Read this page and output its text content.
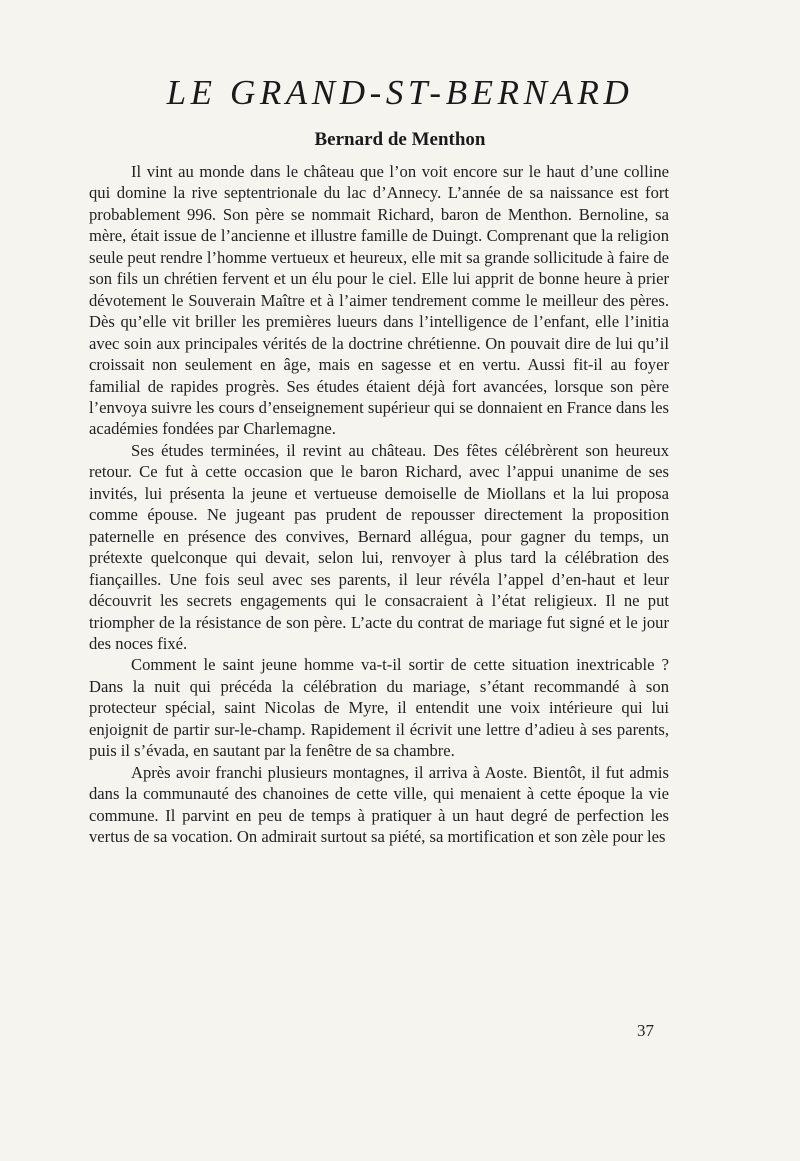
LE GRAND-ST-BERNARD
Bernard de Menthon

Il vint au monde dans le château que l’on voit encore sur le haut d’une colline qui domine la rive septentrionale du lac d’Annecy. L’année de sa naissance est fort probablement 996. Son père se nommait Richard, baron de Menthon. Bernoline, sa mère, était issue de l’ancienne et illustre famille de Duingt. Comprenant que la religion seule peut rendre l’homme vertueux et heureux, elle mit sa grande sollicitude à faire de son fils un chrétien fervent et un élu pour le ciel. Elle lui apprit de bonne heure à prier dévotement le Souverain Maître et à l’aimer tendrement comme le meilleur des pères. Dès qu’elle vit briller les premières lueurs dans l’intelligence de l’enfant, elle l’initia avec soin aux principales vérités de la doctrine chrétienne. On pouvait dire de lui qu’il croissait non seulement en âge, mais en sagesse et en vertu. Aussi fit-il au foyer familial de rapides progrès. Ses études étaient déjà fort avancées, lorsque son père l’envoya suivre les cours d’enseignement supérieur qui se donnaient en France dans les académies fondées par Charlemagne.

Ses études terminées, il revint au château. Des fêtes célébrèrent son heureux retour. Ce fut à cette occasion que le baron Richard, avec l’appui unanime de ses invités, lui présenta la jeune et vertueuse demoiselle de Miollans et la lui proposa comme épouse. Ne jugeant pas prudent de repousser directement la proposition paternelle en présence des convives, Bernard allégua, pour gagner du temps, un prétexte quelconque qui devait, selon lui, renvoyer à plus tard la célébration des fiançailles. Une fois seul avec ses parents, il leur révéla l’appel d’en-haut et leur découvrit les secrets engagements qui le consacraient à l’état religieux. Il ne put triompher de la résistance de son père. L’acte du contrat de mariage fut signé et le jour des noces fixé.

Comment le saint jeune homme va-t-il sortir de cette situation inextricable ? Dans la nuit qui précéda la célébration du mariage, s’étant recommandé à son protecteur spécial, saint Nicolas de Myre, il entendit une voix intérieure qui lui enjoignit de partir sur-le-champ. Rapidement il écrivit une lettre d’adieu à ses parents, puis il s’évada, en sautant par la fenêtre de sa chambre.

Après avoir franchi plusieurs montagnes, il arriva à Aoste. Bientôt, il fut admis dans la communauté des chanoines de cette ville, qui menaient à cette époque la vie commune. Il parvint en peu de temps à pratiquer à un haut degré de perfection les vertus de sa vocation. On admirait surtout sa piété, sa mortification et son zèle pour les

37
